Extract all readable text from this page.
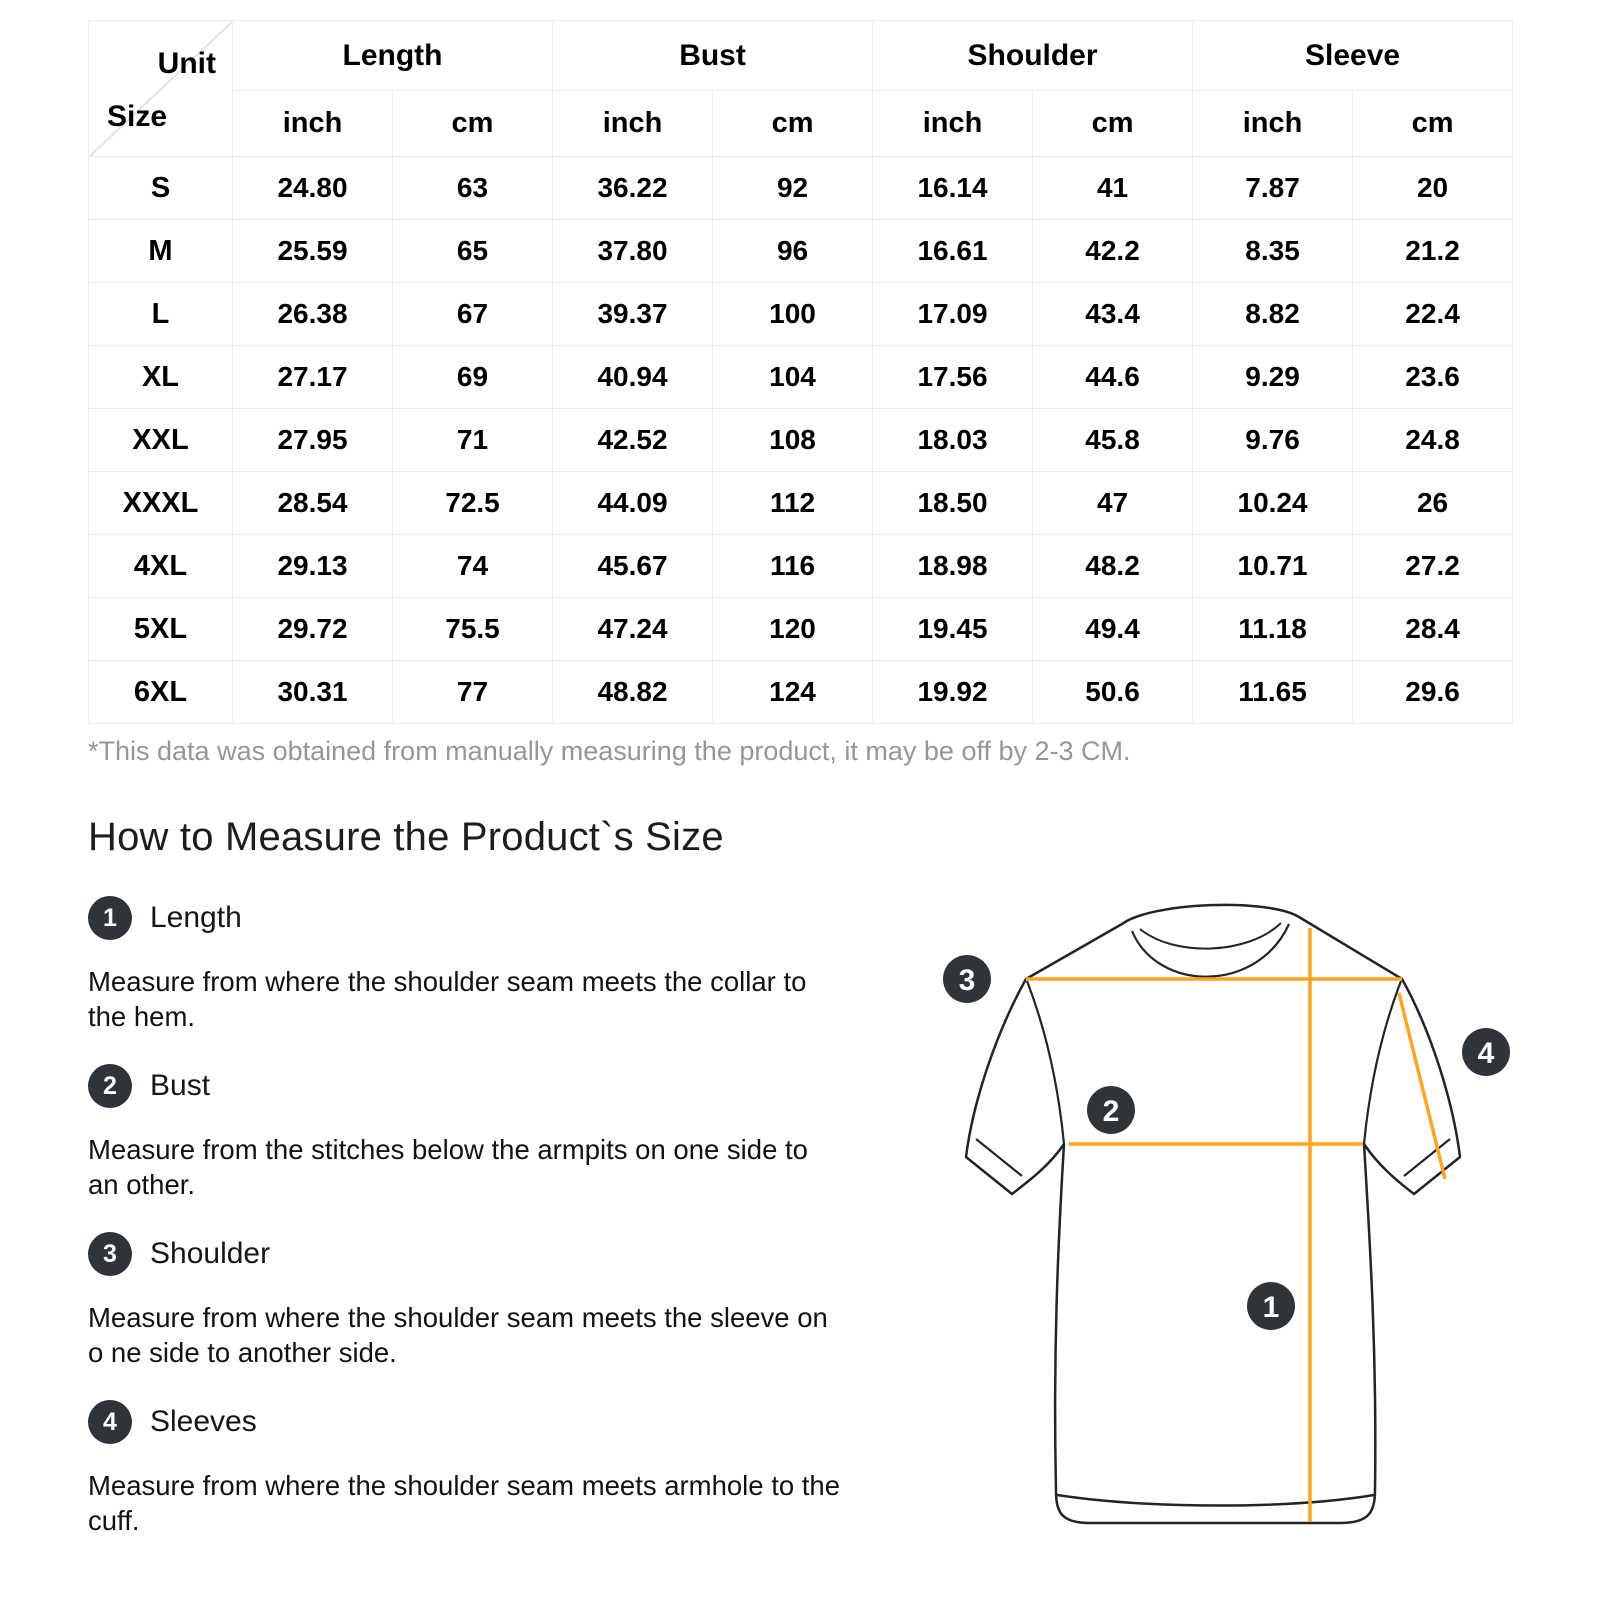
Unit
Size	Length		Bust		Shoulder		Sleeve	
	inch	cm	inch	cm	inch	cm	inch	cm
S	24.80	63	36.22	92	16.14	41	7.87	20
M	25.59	65	37.80	96	16.61	42.2	8.35	21.2
L	26.38	67	39.37	100	17.09	43.4	8.82	22.4
XL	27.17	69	40.94	104	17.56	44.6	9.29	23.6
XXL	27.95	71	42.52	108	18.03	45.8	9.76	24.8
XXXL	28.54	72.5	44.09	112	18.50	47	10.24	26
4XL	29.13	74	45.67	116	18.98	48.2	10.71	27.2
5XL	29.72	75.5	47.24	120	19.45	49.4	11.18	28.4
6XL	30.31	77	48.82	124	19.92	50.6	11.65	29.6
*This data was obtained from manually measuring the product, it may be off by 2-3 CM.
How to Measure the Product`s Size
1	Length

Measure from where the shoulder seam meets the collar to the hem.

2	Bust

Measure from the stitches below the armpits on one side to an other.

3	Shoulder

Measure from where the shoulder seam meets the sleeve on o ne side to another side.

4	Sleeves

Measure from where the shoulder seam meets armhole to the cuff.

3
4
2
1
